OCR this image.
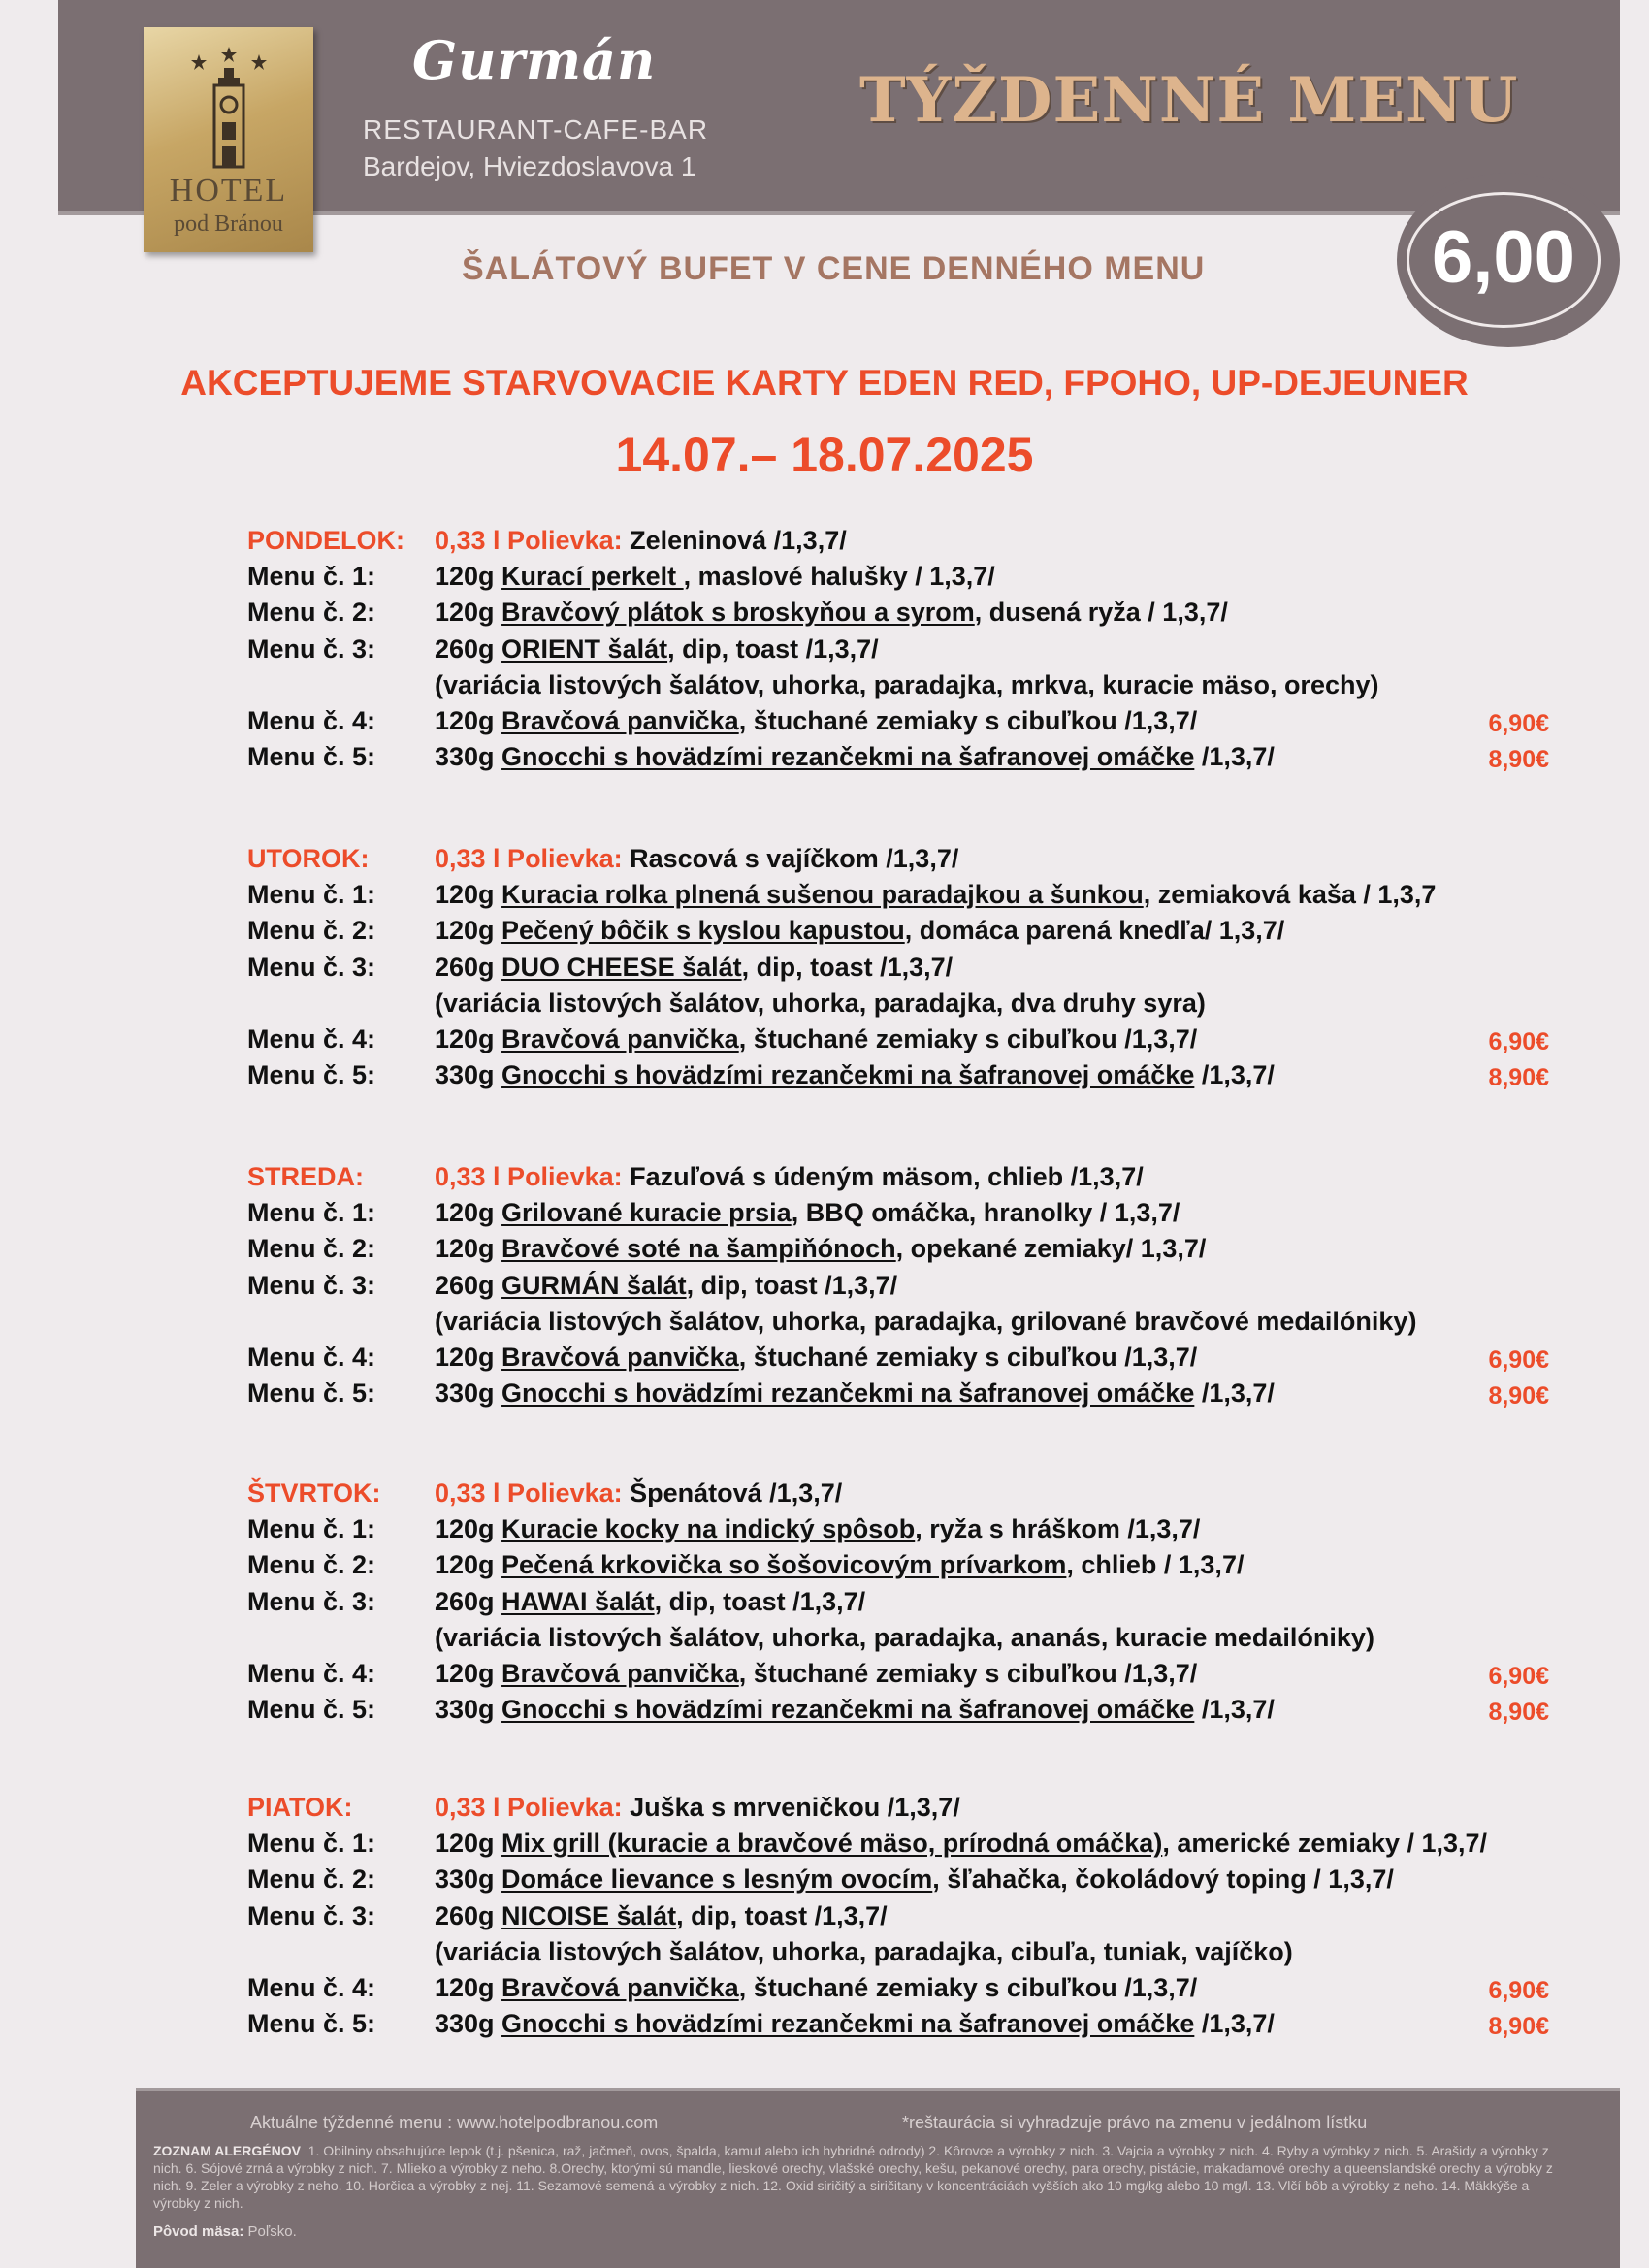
HOTEL
pod Bránou
Gurmán
RESTAURANT-CAFE-BAR
Bardejov, Hviezdoslavova 1
TÝŽDENNÉ MENU
6,00
ŠALÁTOVÝ BUFET V CENE DENNÉHO MENU
AKCEPTUJEME STARVOVACIE KARTY EDEN RED, FPOHO, UP-DEJEUNER
14.07.– 18.07.2025
PONDELOK: 0,33 l Polievka: Zeleninová /1,3,7/
Menu č. 1: 120g Kurací perkelt , maslové halušky / 1,3,7/
Menu č. 2: 120g Bravčový plátok s broskyňou a syrom, dusená ryža / 1,3,7/
Menu č. 3: 260g ORIENT šalát, dip, toast /1,3,7/
(variácia listových šalátov, uhorka, paradajka, mrkva, kuracie mäso, orechy)
Menu č. 4: 120g Bravčová panvička, štuchané zemiaky s cibuľkou /1,3,7/	6,90€
Menu č. 5: 330g Gnocchi s hovädzími rezančekmi na šafranovej omáčke /1,3,7/	8,90€
UTOROK:	0,33 l Polievka: Rascová s vajíčkom /1,3,7/
Menu č. 1: 120g Kuracia rolka plnená sušenou paradajkou a šunkou, zemiaková kaša / 1,3,7
Menu č. 2: 120g Pečený bôčik s kyslou kapustou, domáca parená knedľa/ 1,3,7/
Menu č. 3: 260g DUO CHEESE šalát, dip, toast /1,3,7/
(variácia listových šalátov, uhorka, paradajka, dva druhy syra)
Menu č. 4: 120g Bravčová panvička, štuchané zemiaky s cibuľkou /1,3,7/	6,90€
Menu č. 5: 330g Gnocchi s hovädzími rezančekmi na šafranovej omáčke /1,3,7/	8,90€
STREDA:	0,33 l Polievka: Fazuľová s údeným mäsom, chlieb /1,3,7/
Menu č. 1: 120g Grilované kuracie prsia, BBQ omáčka, hranolky / 1,3,7/
Menu č. 2: 120g Bravčové soté na šampiňónoch, opekané zemiaky/ 1,3,7/
Menu č. 3: 260g GURMÁN šalát, dip, toast /1,3,7/
(variácia listových šalátov, uhorka, paradajka, grilované bravčové medailóniky)
Menu č. 4: 120g Bravčová panvička, štuchané zemiaky s cibuľkou /1,3,7/	6,90€
Menu č. 5: 330g Gnocchi s hovädzími rezančekmi na šafranovej omáčke /1,3,7/	8,90€
ŠTVRTOK: 0,33 l Polievka: Špenátová /1,3,7/
Menu č. 1: 120g Kuracie kocky na indický spôsob, ryža s hráškom /1,3,7/
Menu č. 2: 120g Pečená krkovička so šošovicovým prívarkom, chlieb / 1,3,7/
Menu č. 3: 260g HAWAI šalát, dip, toast /1,3,7/
(variácia listových šalátov, uhorka, paradajka, ananás, kuracie medailóniky)
Menu č. 4: 120g Bravčová panvička, štuchané zemiaky s cibuľkou /1,3,7/	6,90€
Menu č. 5: 330g Gnocchi s hovädzími rezančekmi na šafranovej omáčke /1,3,7/	8,90€
PIATOK:	0,33 l Polievka: Juška s mrveničkou /1,3,7/
Menu č. 1: 120g Mix grill (kuracie a bravčové mäso, prírodná omáčka), americké zemiaky / 1,3,7/
Menu č. 2: 330g Domáce lievance s lesným ovocím, šľahačka, čokoládový toping / 1,3,7/
Menu č. 3: 260g NICOISE šalát, dip, toast /1,3,7/
(variácia listových šalátov, uhorka, paradajka, cibuľa, tuniak, vajíčko)
Menu č. 4: 120g Bravčová panvička, štuchané zemiaky s cibuľkou /1,3,7/	6,90€
Menu č. 5: 330g Gnocchi s hovädzími rezančekmi na šafranovej omáčke /1,3,7/	8,90€
Aktuálne týždenné menu : www.hotelpodbranou.com	*reštaurácia si vyhradzuje právo na zmenu v jedálnom lístku
ZOZNAM ALERGÉNOV 1. Obilniny obsahujúce lepok (t.j. pšenica, raž, jačmeň, ovos, špalda, kamut alebo ich hybridné odrody) 2. Kôrovce a výrobky z nich. 3. Vajcia a výrobky z nich. 4. Ryby a výrobky z nich. 5. Arašidy a výrobky z nich. 6. Sójové zrná a výrobky z nich. 7. Mlieko a výrobky z neho. 8.Orechy, ktorými sú mandle, lieskové orechy, vlašské orechy, kešu, pekanové orechy, para orechy, pistácie, makadamové orechy a queenslandské orechy a výrobky z nich. 9. Zeler a výrobky z neho. 10. Horčica a výrobky z nej. 11. Sezamové semená a výrobky z nich. 12. Oxid siričitý a siričitany v koncentráciách vyšších ako 10 mg/kg alebo 10 mg/l. 13. Vlčí bôb a výrobky z neho. 14. Mäkkýše a výrobky z nich.
Pôvod mäsa: Poľsko.
